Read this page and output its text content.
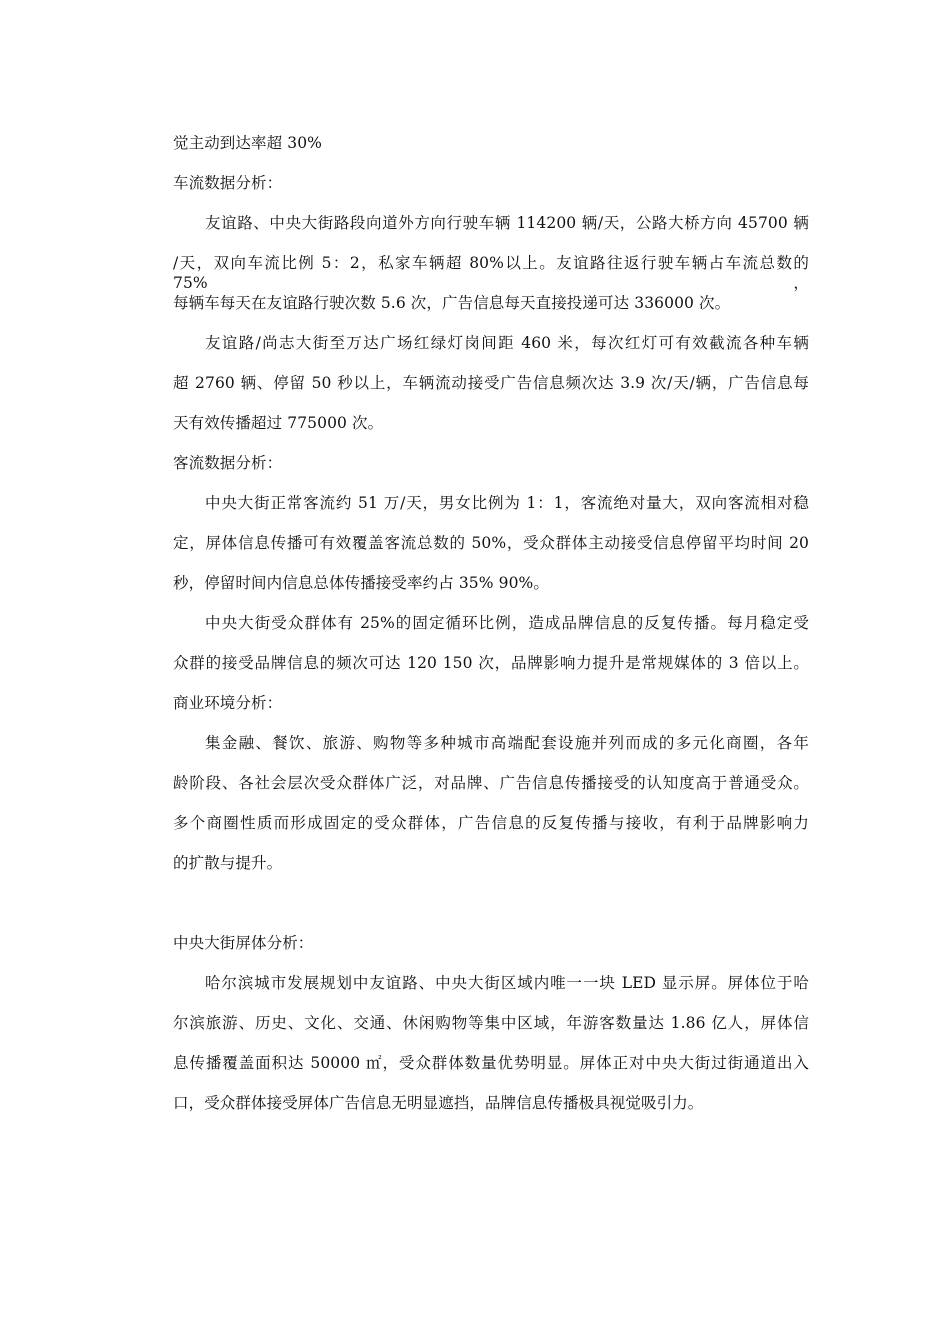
觉主动到达率超 30%
车流数据分析：
友谊路、中央大街路段向道外方向行驶车辆 114200 辆/天，公路大桥方向 45700 辆
/天，双向车流比例 5：2，私家车辆超 80%以上。友谊路往返行驶车辆占车流总数的 75%，
每辆车每天在友谊路行驶次数 5.6 次，广告信息每天直接投递可达 336000 次。
友谊路/尚志大街至万达广场红绿灯岗间距 460 米，每次红灯可有效截流各种车辆
超 2760 辆、停留 50 秒以上，车辆流动接受广告信息频次达 3.9 次/天/辆，广告信息每
天有效传播超过 775000 次。
客流数据分析：
中央大街正常客流约 51 万/天，男女比例为 1：1，客流绝对量大，双向客流相对稳
定，屏体信息传播可有效覆盖客流总数的 50%，受众群体主动接受信息停留平均时间 20
秒，停留时间内信息总体传播接受率约占 35% 90%。
中央大街受众群体有 25%的固定循环比例，造成品牌信息的反复传播。每月稳定受
众群的接受品牌信息的频次可达 120 150 次，品牌影响力提升是常规媒体的 3 倍以上。
商业环境分析：
集金融、餐饮、旅游、购物等多种城市高端配套设施并列而成的多元化商圈，各年
龄阶段、各社会层次受众群体广泛，对品牌、广告信息传播接受的认知度高于普通受众。
多个商圈性质而形成固定的受众群体，广告信息的反复传播与接收，有利于品牌影响力
的扩散与提升。
中央大街屏体分析：
哈尔滨城市发展规划中友谊路、中央大街区域内唯一一块 LED 显示屏。屏体位于哈
尔滨旅游、历史、文化、交通、休闲购物等集中区域，年游客数量达 1.86 亿人，屏体信
息传播覆盖面积达 50000 ㎡，受众群体数量优势明显。屏体正对中央大街过街通道出入
口，受众群体接受屏体广告信息无明显遮挡，品牌信息传播极具视觉吸引力。
